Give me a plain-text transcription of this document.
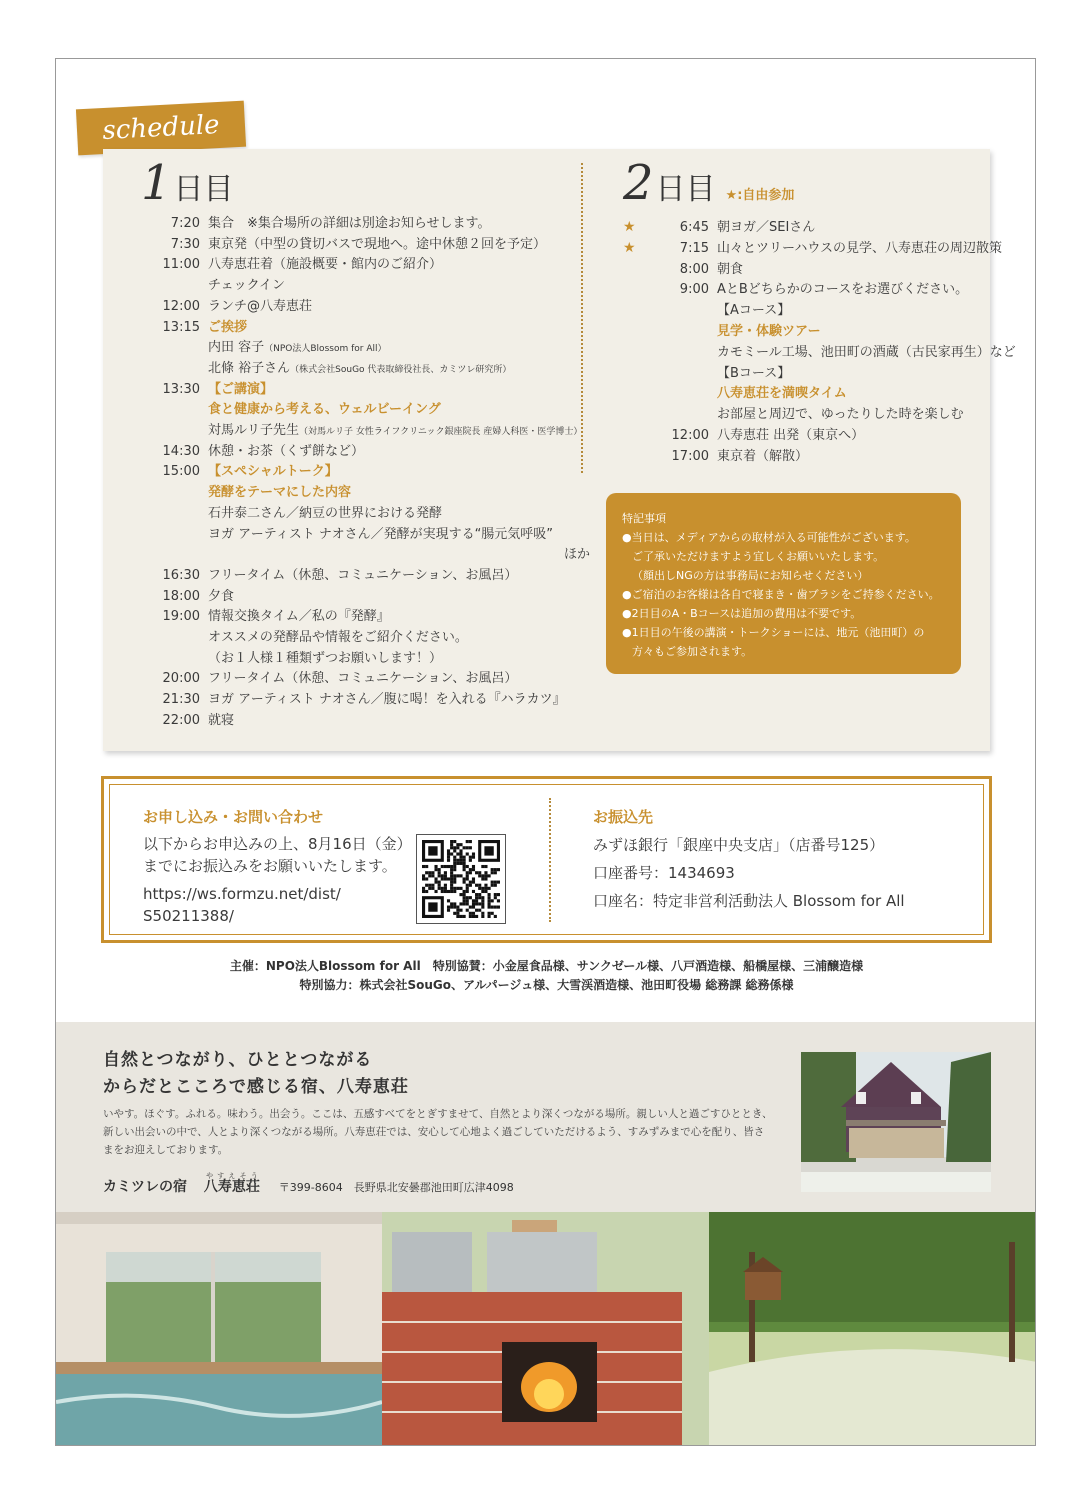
schedule
1 日目	2 日目 ★:自由参加
7:20 集合　※集合場所の詳細は別途お知らせします。
7:30 東京発（中型の貸切バスで現地へ。途中休憩２回を予定）
11:00 八寿恵荘着（施設概要・館内のご紹介）
チェックイン
12:00 ランチ@八寿恵荘
13:15 ご挨拶
内田 容子（NPO法人Blossom for All）
北條 裕子さん（株式会社SouGo 代表取締役社長、カミツレ研究所）
13:30 【ご講演】
食と健康から考える、ウェルビーイング
対馬ルリ子先生（対馬ルリ子 女性ライフクリニック銀座院長 産婦人科医・医学博士）
14:30 休憩・お茶（くず餅など）
15:00 【スペシャルトーク】
発酵をテーマにした内容
石井泰二さん／納豆の世界における発酵
ヨガ アーティスト ナオさん／発酵が実現する“腸元気呼吸”
ほか
16:30 フリータイム（休憩、コミュニケーション、お風呂）
18:00 夕食
19:00 情報交換タイム／私の『発酵』
オススメの発酵品や情報をご紹介ください。
（お１人様１種類ずつお願いします！）
20:00 フリータイム（休憩、コミュニケーション、お風呂）
21:30 ヨガ アーティスト ナオさん／腹に喝！を入れる『ハラカツ』
22:00 就寝
★	6:45 朝ヨガ／SEIさん
★	7:15 山々とツリーハウスの見学、八寿恵荘の周辺散策
8:00 朝食
9:00 AとBどちらかのコースをお選びください。
【Aコース】
見学・体験ツアー
カモミール工場、池田町の酒蔵（古民家再生）など
【Bコース】
八寿恵荘を満喫タイム
お部屋と周辺で、ゆったりした時を楽しむ
12:00 八寿恵荘 出発（東京へ）
17:00 東京着（解散）
特記事項
●当日は、メディアからの取材が入る可能性がございます。
ご了承いただけますよう宜しくお願いいたします。
（顔出しNGの方は事務局にお知らせください）
●ご宿泊のお客様は各自で寝まき・歯ブラシをご持参ください。
●2日目のA・Bコースは追加の費用は不要です。
●1日目の午後の講演・トークショーには、地元（池田町）の
方々もご参加されます。
お申し込み・お問い合わせ
以下からお申込みの上、8月16日（金）
までにお振込みをお願いいたします。
https://ws.formzu.net/dist/
S50211388/
お振込先
みずほ銀行「銀座中央支店」（店番号125）
口座番号：1434693
口座名：特定非営利活動法人 Blossom for All
主催：NPO法人Blossom for All　特別協賛：小金屋食品様、サンクゼール様、八戸酒造様、船橋屋様、三浦醸造様
特別協力：株式会社SouGo、アルパージュ様、大雪渓酒造様、池田町役場 総務課 総務係様
自然とつながり、ひととつながる
からだとこころで感じる宿、八寿恵荘
いやす。ほぐす。ふれる。味わう。出会う。ここは、五感すべてをとぎすませて、自然とより深くつながる場所。親しい人と過ごすひととき、新しい出会いの中で、人とより深くつながる場所。八寿恵荘では、安心して心地よく過ごしていただけるよう、すみずみまで心を配り、皆さまをお迎えしております。
カミツレの宿 八寿恵荘やすえそう 〒399-8604　長野県北安曇郡池田町広津4098
